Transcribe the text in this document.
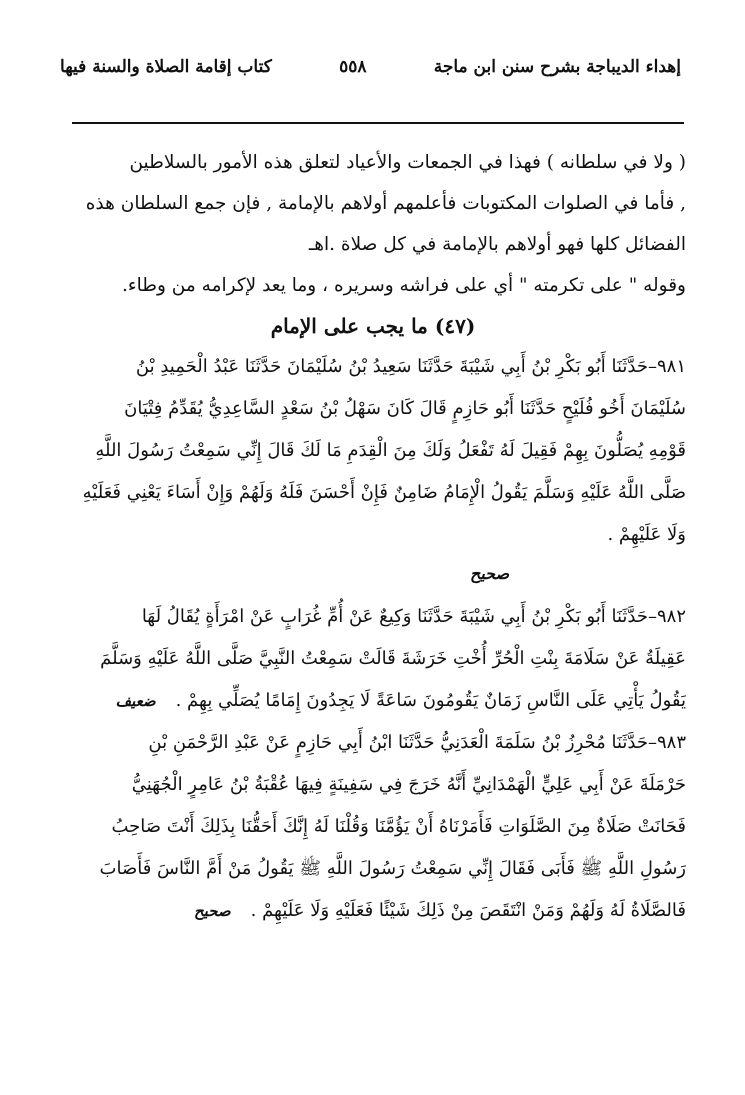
إهداء الديباجة بشرح سنن ابن ماجة
٥٥٨
كتاب إقامة الصلاة والسنة فيها
( ولا في سلطانه ) فهذا في الجمعات والأعياد لتعلق هذه الأمور بالسلاطين
, فأما في الصلوات المكتوبات فأعلمهم أولاهم بالإمامة , فإن جمع السلطان هذه
الفضائل كلها فهو أولاهم بالإمامة في كل صلاة .اهـ
وقوله " على تكرمته " أي على فراشه وسريره ، وما يعد لإكرامه من وطاء.
(٤٧) ما يجب على الإمام
٩٨١–حَدَّثَنَا أَبُو بَكْرِ بْنُ أَبِي شَيْبَةَ حَدَّثَنَا سَعِيدُ بْنُ سُلَيْمَانَ حَدَّثَنَا عَبْدُ الْحَمِيدِ بْنُ
سُلَيْمَانَ أَخُو فُلَيْحٍ حَدَّثَنَا أَبُو حَازِمٍ قَالَ كَانَ سَهْلُ بْنُ سَعْدٍ السَّاعِدِيُّ يُقَدِّمُ فِتْيَانَ
قَوْمِهِ يُصَلُّونَ بِهِمْ فَقِيلَ لَهُ تَفْعَلُ وَلَكَ مِنَ الْقِدَمِ مَا لَكَ قَالَ إِنِّي سَمِعْتُ رَسُولَ اللَّهِ
صَلَّى اللَّهُ عَلَيْهِ وَسَلَّمَ يَقُولُ الْإِمَامُ ضَامِنٌ فَإِنْ أَحْسَنَ فَلَهُ وَلَهُمْ وَإِنْ أَسَاءَ يَعْنِي فَعَلَيْهِ
وَلَا عَلَيْهِمْ .
صحيح
٩٨٢–حَدَّثَنَا أَبُو بَكْرِ بْنُ أَبِي شَيْبَةَ حَدَّثَنَا وَكِيعٌ عَنْ أُمِّ غُرَابٍ عَنْ امْرَأَةٍ يُقَالُ لَهَا
عَقِيلَةُ عَنْ سَلَامَةَ بِنْتِ الْحُرِّ أُخْتِ خَرَشَةَ قَالَتْ سَمِعْتُ النَّبِيَّ صَلَّى اللَّهُ عَلَيْهِ وَسَلَّمَ
يَقُولُ يَأْتِي عَلَى النَّاسِ زَمَانٌ يَقُومُونَ سَاعَةً لَا يَجِدُونَ إِمَامًا يُصَلِّي بِهِمْ .
ضعيف
٩٨٣–حَدَّثَنَا مُحْرِزُ بْنُ سَلَمَةَ الْعَدَنِيُّ حَدَّثَنَا ابْنُ أَبِي حَازِمٍ عَنْ عَبْدِ الرَّحْمَنِ بْنِ
حَرْمَلَةَ عَنْ أَبِي عَلِيٍّ الْهَمْدَانِيِّ أَنَّهُ خَرَجَ فِي سَفِينَةٍ فِيهَا عُقْبَةُ بْنُ عَامِرٍ الْجُهَنِيُّ
فَحَانَتْ صَلَاةٌ مِنَ الصَّلَوَاتِ فَأَمَرْنَاهُ أَنْ يَؤُمَّنَا وَقُلْنَا لَهُ إِنَّكَ أَحَقُّنَا بِذَلِكَ أَنْتَ صَاحِبُ
رَسُولِ اللَّهِ ﷺ فَأَبَى فَقَالَ إِنِّي سَمِعْتُ رَسُولَ اللَّهِ ﷺ يَقُولُ مَنْ أَمَّ النَّاسَ فَأَصَابَ
فَالصَّلَاةُ لَهُ وَلَهُمْ وَمَنْ انْتَقَصَ مِنْ ذَلِكَ شَيْئًا فَعَلَيْهِ وَلَا عَلَيْهِمْ .
صحيح
